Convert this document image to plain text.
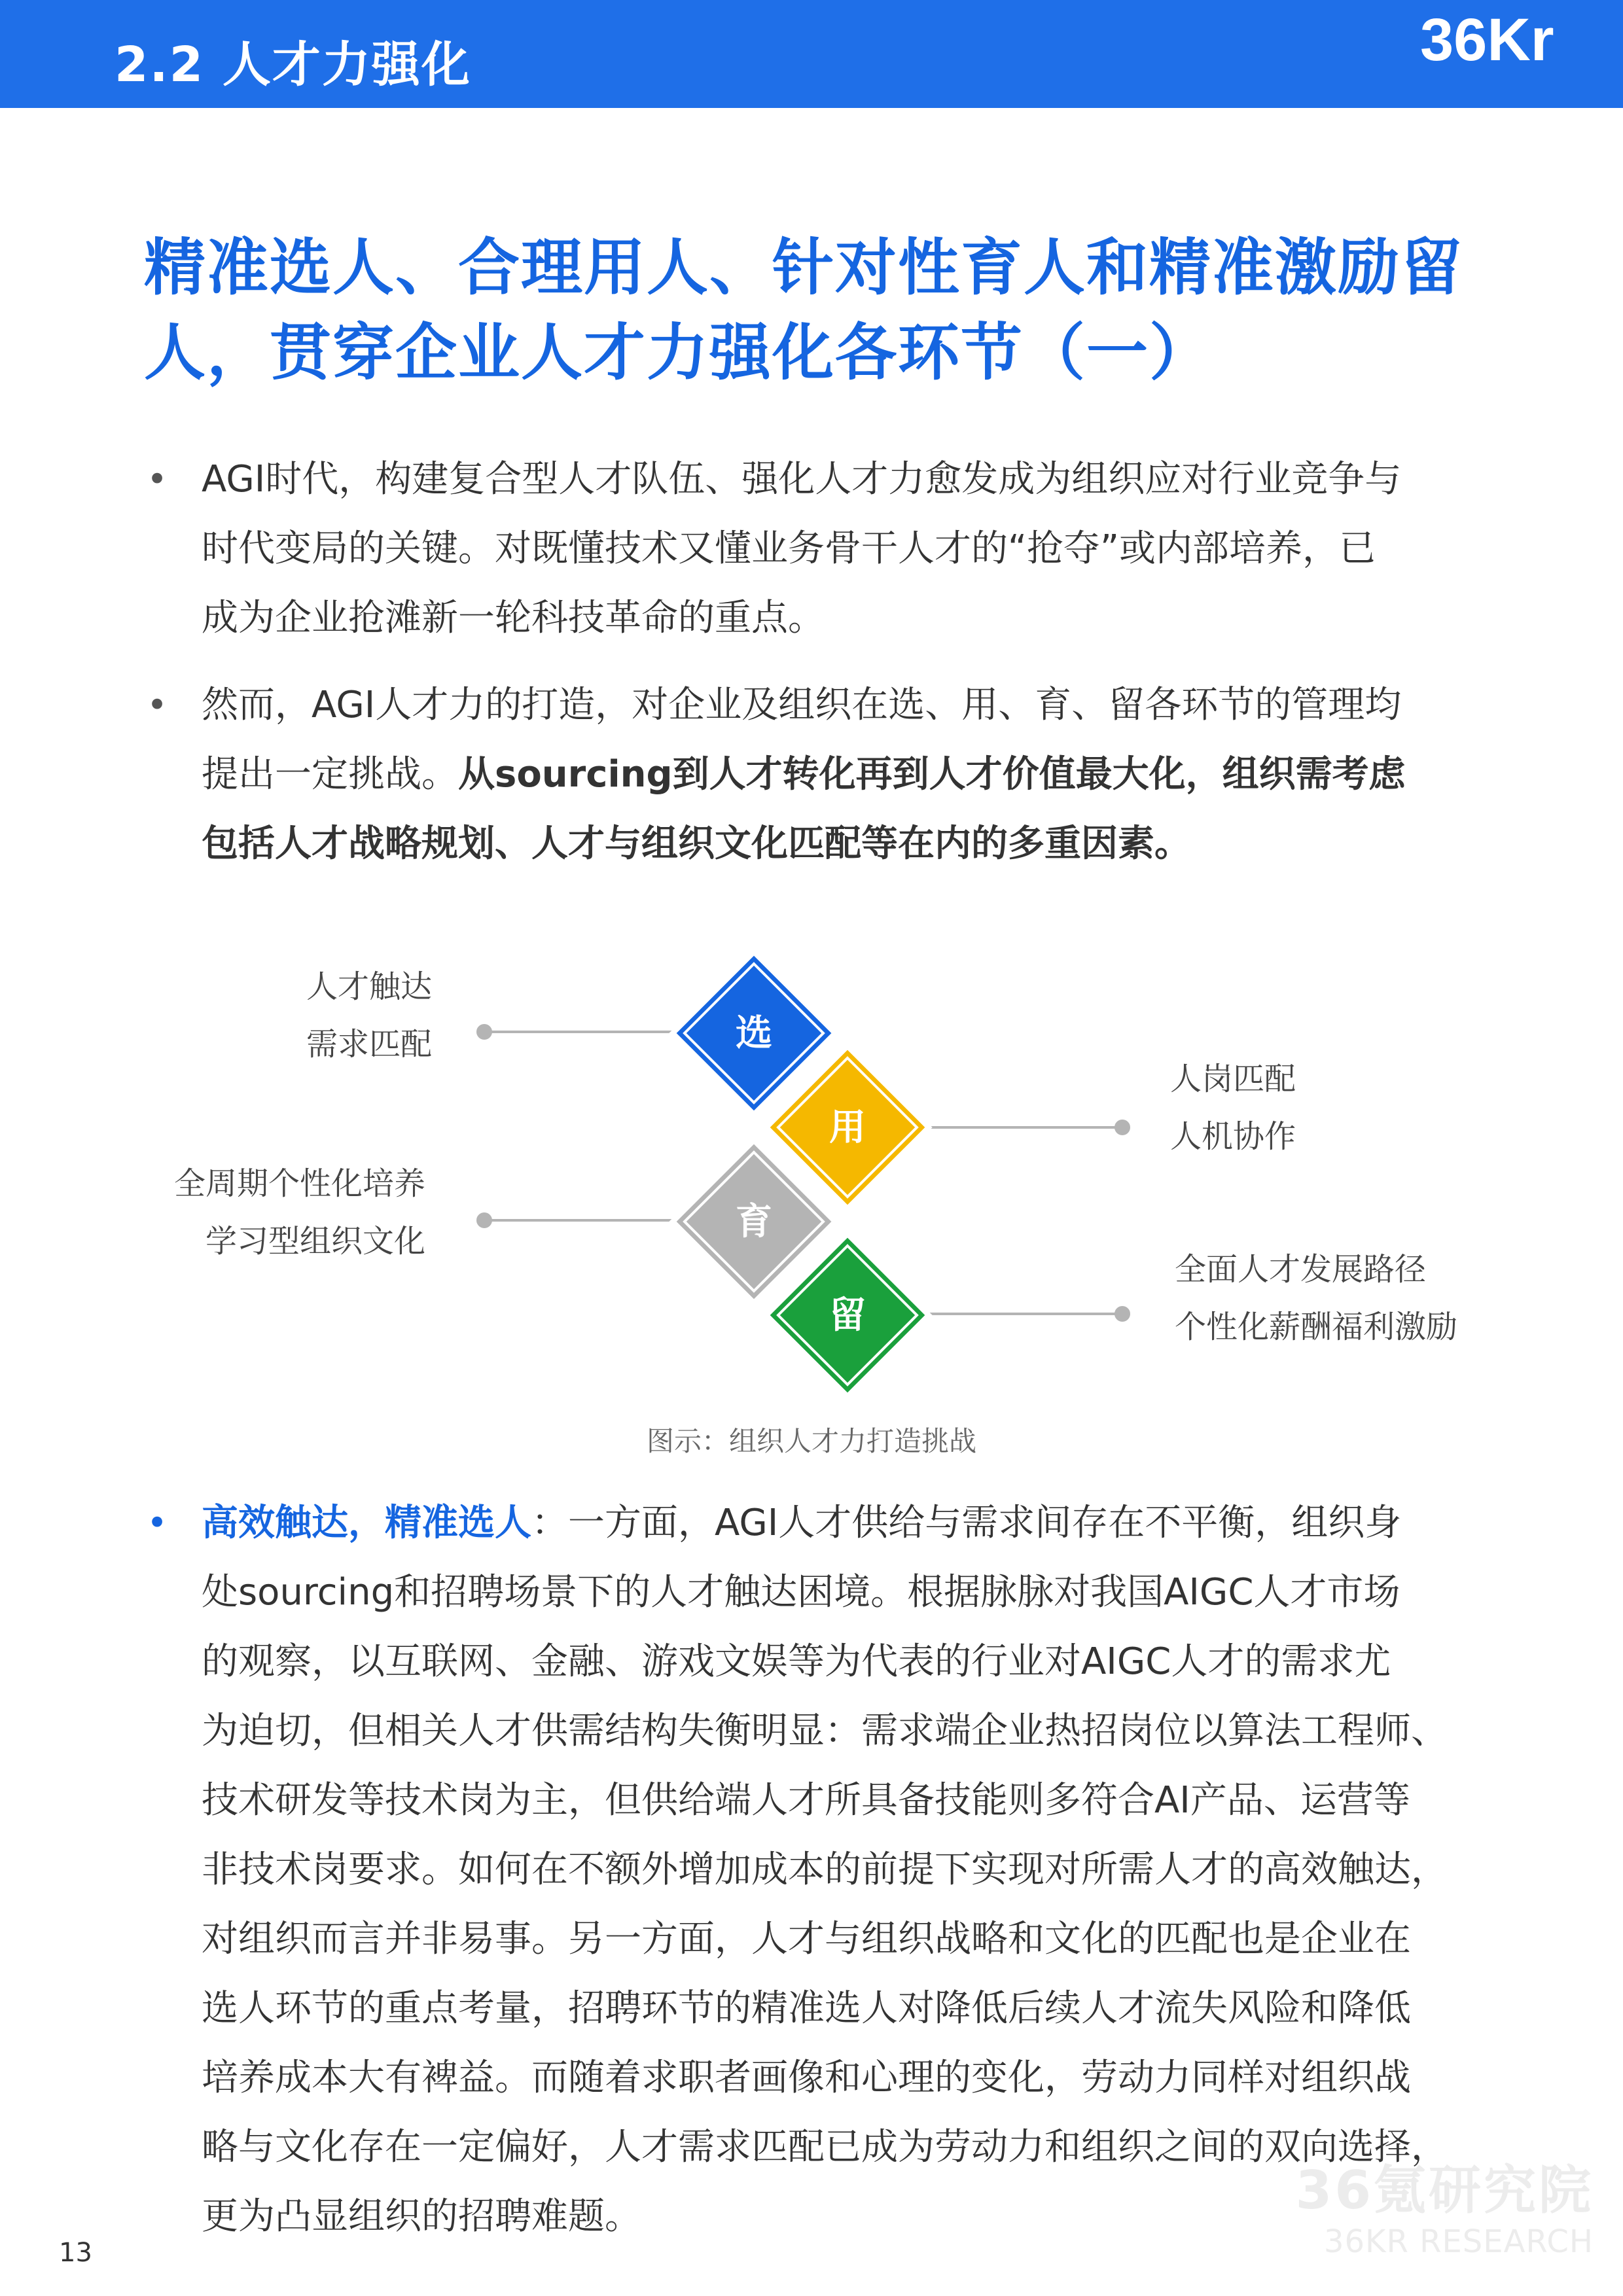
2.2 人才力强化	36Kr
精准选人、合理用人、针对性育人和精准激励留
人，贯穿企业人才力强化各环节（一）
• AGI时代，构建复合型人才队伍、强化人才力愈发成为组织应对行业竞争与
时代变局的关键。对既懂技术又懂业务骨干人才的“抢夺”或内部培养，已
成为企业抢滩新一轮科技革命的重点。
• 然而，AGI人才力的打造，对企业及组织在选、用、育、留各环节的管理均
提出一定挑战。从sourcing到人才转化再到人才价值最大化，组织需考虑
包括人才战略规划、人才与组织文化匹配等在内的多重因素。
选
用
育
留
人才触达
需求匹配
人岗匹配
人机协作
全周期个性化培养
学习型组织文化
全面人才发展路径
个性化薪酬福利激励
图示：组织人才力打造挑战
• 高效触达，精准选人：一方面，AGI人才供给与需求间存在不平衡，组织身
处sourcing和招聘场景下的人才触达困境。根据脉脉对我国AIGC人才市场
的观察，以互联网、金融、游戏文娱等为代表的行业对AIGC人才的需求尤
为迫切，但相关人才供需结构失衡明显：需求端企业热招岗位以算法工程师、
技术研发等技术岗为主，但供给端人才所具备技能则多符合AI产品、运营等
非技术岗要求。如何在不额外增加成本的前提下实现对所需人才的高效触达，
对组织而言并非易事。另一方面，人才与组织战略和文化的匹配也是企业在
选人环节的重点考量，招聘环节的精准选人对降低后续人才流失风险和降低
培养成本大有裨益。而随着求职者画像和心理的变化，劳动力同样对组织战
略与文化存在一定偏好，人才需求匹配已成为劳动力和组织之间的双向选择，
更为凸显组织的招聘难题。	36氪研究院
36KR RESEARCH
13
